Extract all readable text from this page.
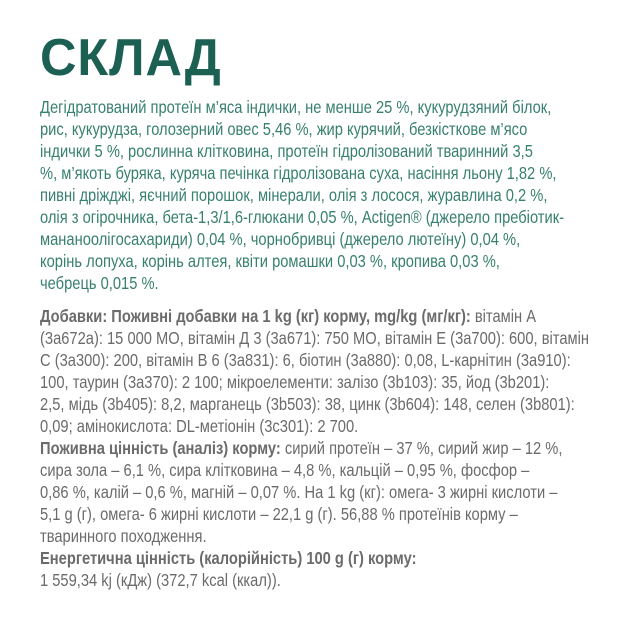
СКЛАД
Дегідратований протеїн м’яса індички, не менше 25 %, кукурудзяний білок,
рис, кукурудза, голозерний овес 5,46 %, жир курячий, безкісткове м’ясо
індички 5 %, рослинна клітковина, протеїн гідролізований тваринний 3,5
%, м’якоть буряка, куряча печінка гідролізована суха, насіння льону 1,82 %,
пивні дріжджі, яєчний порошок, мінерали, олія з лосося, журавлина 0,2 %,
олія з огірочника, бета-1,3/1,6-глюкани 0,05 %, Actigen® (джерело пребіотик-
мананоолігосахариди) 0,04 %, чорнобривці (джерело лютеїну) 0,04 %,
корінь лопуха, корінь алтея, квіти ромашки 0,03 %, кропива 0,03 %,
чебрець 0,015 %.
Добавки: Поживні добавки на 1 kg (кг) корму, mg/kg (мг/кг): вітамін А
(3а672а): 15 000 МО, вітамін Д 3 (3а671): 750 МО, вітамін Е (3а700): 600, вітамін
С (3а300): 200, вітамін В 6 (3а831): 6, біотин (3а880): 0,08, L-карнітин (3а910):
100, таурин (3а370): 2 100; мікроелементи: залізо (3b103): 35, йод (3b201):
2,5, мідь (3b405): 8,2, марганець (3b503): 38, цинк (3b604): 148, селен (3b801):
0,09; амінокислота: DL-метіонін (3с301): 2 700.
Поживна цінність (аналіз) корму: сирий протеїн – 37 %, сирий жир – 12 %,
сира зола – 6,1 %, сира клітковина – 4,8 %, кальцій – 0,95 %, фосфор –
0,86 %, калій – 0,6 %, магній – 0,07 %. На 1 kg (кг): омега- 3 жирні кислоти –
5,1 g (г), омега- 6 жирні кислоти – 22,1 g (г). 56,88 % протеїнів корму –
тваринного походження.
Енергетична цінність (калорійність) 100 g (г) корму:
1 559,34 kj (кДж) (372,7 kcal (ккал)).
